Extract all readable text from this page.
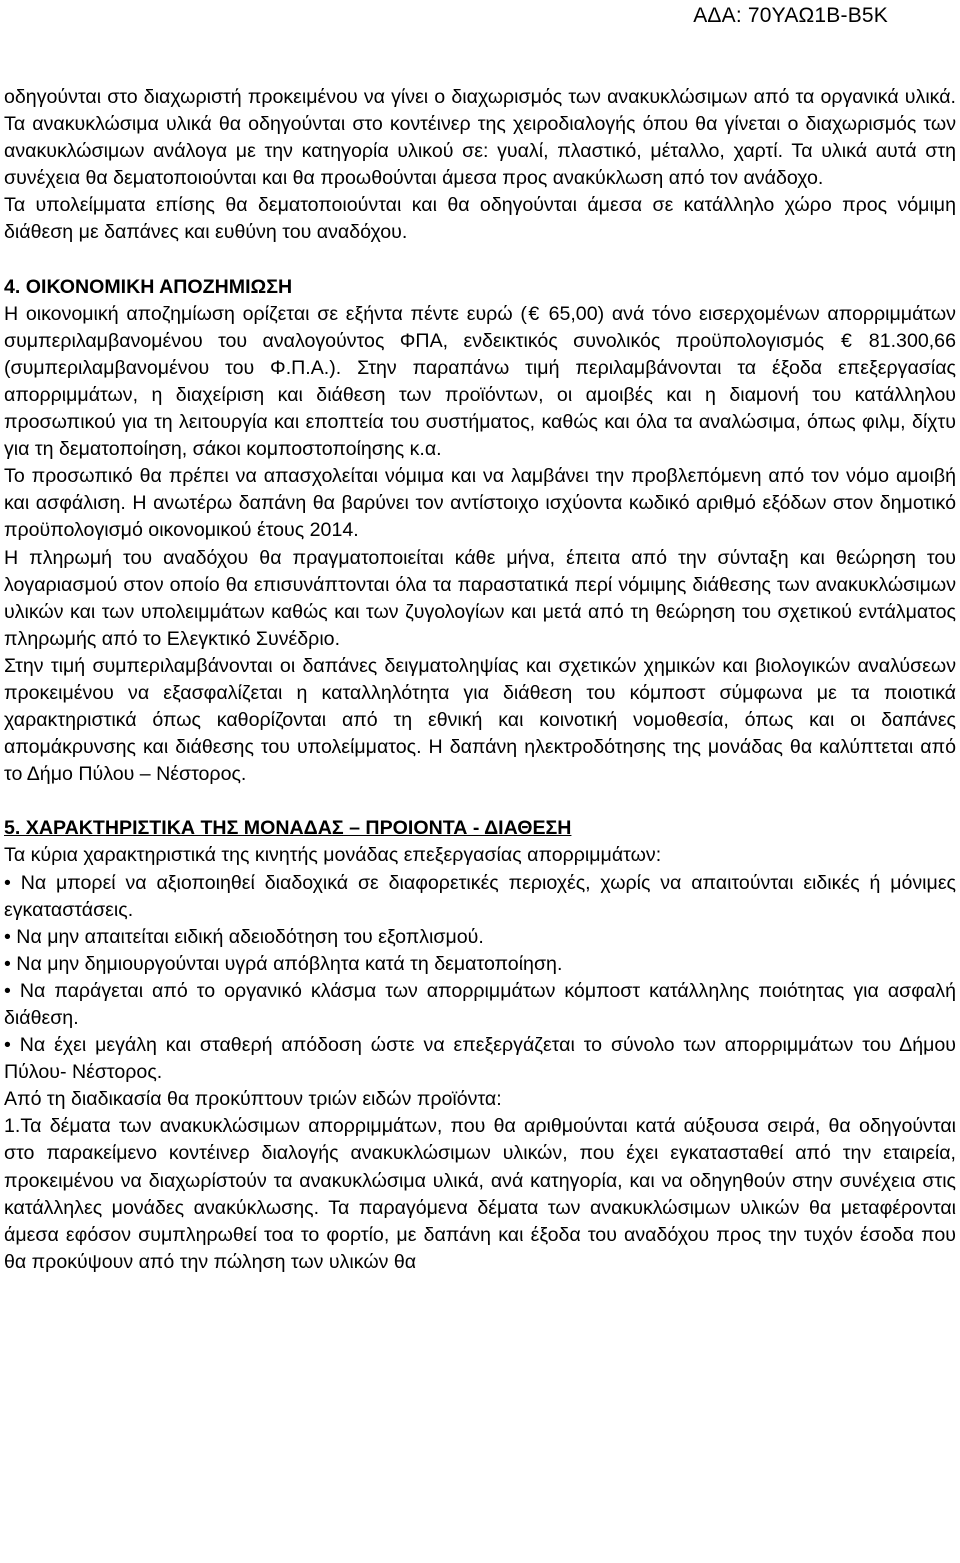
ΑΔΑ: 70ΥΑΩ1Β-Β5Κ

οδηγούνται στο διαχωριστή προκειμένου να γίνει ο διαχωρισμός των ανακυκλώσιμων από τα οργανικά υλικά. Τα ανακυκλώσιμα υλικά θα οδηγούνται στο κοντέινερ της χειροδιαλογής όπου θα γίνεται ο διαχωρισμός των ανακυκλώσιμων ανάλογα με την κατηγορία υλικού σε: γυαλί, πλαστικό, μέταλλο, χαρτί. Τα υλικά αυτά στη συνέχεια θα δεματοποιούνται και θα προωθούνται άμεσα προς ανακύκλωση από τον ανάδοχο.

Τα υπολείμματα επίσης θα δεματοποιούνται και θα οδηγούνται άμεσα σε κατάλληλο χώρο προς νόμιμη διάθεση με δαπάνες και ευθύνη του αναδόχου.

4. ΟΙΚΟΝΟΜΙΚΗ ΑΠΟΖΗΜΙΩΣΗ

Η οικονομική αποζημίωση ορίζεται σε εξήντα πέντε ευρώ (€ 65,00) ανά τόνο εισερχομένων απορριμμάτων συμπεριλαμβανομένου του αναλογούντος ΦΠΑ, ενδεικτικός συνολικός προϋπολογισμός € 81.300,66 (συμπεριλαμβανομένου του Φ.Π.Α.). Στην παραπάνω τιμή περιλαμβάνονται τα έξοδα επεξεργασίας απορριμμάτων, η διαχείριση και διάθεση των προϊόντων, οι αμοιβές και η διαμονή του κατάλληλου προσωπικού για τη λειτουργία και εποπτεία του συστήματος, καθώς και όλα τα αναλώσιμα, όπως φιλμ, δίχτυ για τη δεματοποίηση, σάκοι κομποστοποίησης κ.α.

Το προσωπικό θα πρέπει να απασχολείται νόμιμα και να λαμβάνει την προβλεπόμενη από τον νόμο αμοιβή και ασφάλιση. Η ανωτέρω δαπάνη θα βαρύνει τον αντίστοιχο ισχύοντα κωδικό αριθμό εξόδων στον δημοτικό προϋπολογισμό οικονομικού έτους 2014.

Η πληρωμή του αναδόχου θα πραγματοποιείται κάθε μήνα, έπειτα από την σύνταξη και θεώρηση του λογαριασμού στον οποίο θα επισυνάπτονται όλα τα παραστατικά περί νόμιμης διάθεσης των ανακυκλώσιμων υλικών και των υπολειμμάτων καθώς και των ζυγολογίων και μετά από τη θεώρηση του σχετικού εντάλματος πληρωμής από το Ελεγκτικό Συνέδριο.

Στην τιμή συμπεριλαμβάνονται οι δαπάνες δειγματοληψίας και σχετικών χημικών και βιολογικών αναλύσεων προκειμένου να εξασφαλίζεται η καταλληλότητα για διάθεση του κόμποστ σύμφωνα με τα ποιοτικά χαρακτηριστικά όπως καθορίζονται από τη εθνική και κοινοτική νομοθεσία, όπως και οι δαπάνες απομάκρυνσης και διάθεσης του υπολείμματος. Η δαπάνη ηλεκτροδότησης της μονάδας θα καλύπτεται από το Δήμο Πύλου – Νέστορος.

5. ΧΑΡΑΚΤΗΡΙΣΤΙΚΑ ΤΗΣ ΜΟΝΑΔΑΣ – ΠΡΟΙΟΝΤΑ - ΔΙΑΘΕΣΗ

Τα κύρια χαρακτηριστικά της κινητής μονάδας επεξεργασίας απορριμμάτων:

• Να μπορεί να αξιοποιηθεί διαδοχικά σε διαφορετικές περιοχές, χωρίς να απαιτούνται ειδικές ή μόνιμες εγκαταστάσεις.

• Να μην απαιτείται ειδική αδειοδότηση του εξοπλισμού.

• Να μην δημιουργούνται υγρά απόβλητα κατά τη δεματοποίηση.

• Να παράγεται από το οργανικό κλάσμα των απορριμμάτων κόμποστ κατάλληλης ποιότητας για ασφαλή διάθεση.

• Να έχει μεγάλη και σταθερή απόδοση ώστε να επεξεργάζεται το σύνολο των απορριμμάτων του Δήμου Πύλου- Νέστορος.

Από τη διαδικασία θα προκύπτουν τριών ειδών προϊόντα:

1.Τα δέματα των ανακυκλώσιμων απορριμμάτων, που θα αριθμούνται κατά αύξουσα σειρά, θα οδηγούνται στο παρακείμενο κοντέινερ διαλογής ανακυκλώσιμων υλικών, που έχει εγκατασταθεί από την εταιρεία, προκειμένου να διαχωρίστούν τα ανακυκλώσιμα υλικά, ανά κατηγορία, και να οδηγηθούν στην συνέχεια στις κατάλληλες μονάδες ανακύκλωσης. Τα παραγόμενα δέματα των ανακυκλώσιμων υλικών θα μεταφέρονται άμεσα εφόσον συμπληρωθεί τοα το φορτίο, με δαπάνη και έξοδα του αναδόχου προς την τυχόν έσοδα που θα προκύψουν από την πώληση των υλικών θα
